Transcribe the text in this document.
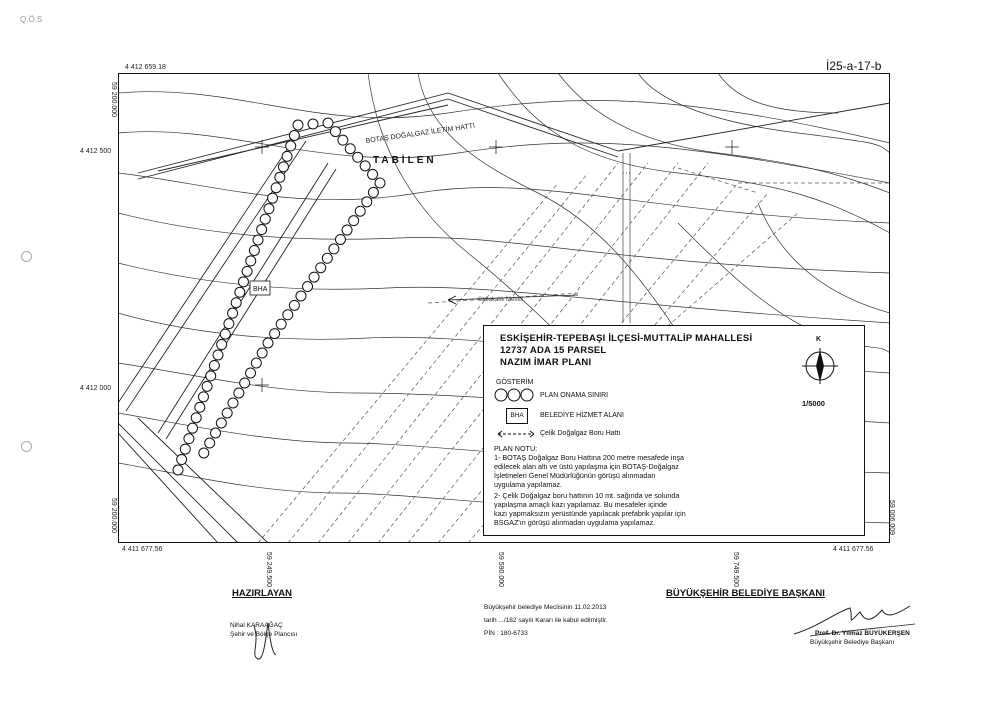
Q.Ö.S
İ25-a-17-b
4 412 659.18
4 412 500
4 412 000
4 411 677.56	4 411 677.56
59 200.000
59 200.000	59 006.009
59 249.500	59 590.000	59 749.500
BOTAŞ DOĞALGAZ İLETİM HATTI
TABİLEN
Sabakalık Mevkii
BHA
ESKİŞEHİR-TEPEBAŞI İLÇESİ-MUTTALİP MAHALLESİ
12737 ADA 15 PARSEL
NAZIM İMAR PLANI
K
1/5000
GÖSTERİM
PLAN ONAMA SINIRI
BHA	BELEDİYE HİZMET ALANI
Çelik Doğalgaz Boru Hattı
PLAN NOTU:
1- BOTAŞ Doğalgaz Boru Hattına 200 metre mesafede inşa
edilecek alan altı ve üstü yapılaşma için BOTAŞ-Doğalgaz
İşletmeleri Genel Müdürlüğünün görüşü alınmadan
uygulama yapılamaz.
2- Çelik Doğalgaz boru hattının 10 mt. sağında ve solunda
yapılaşma amaçlı kazı yapılamaz. Bu mesafeler içinde
kazı yapmaksızın yerüstünde yapılacak prefabrik yapılar için
BSGAZ'ın görüşü alınmadan uygulama yapılamaz.
HAZIRLAYAN
Nihal KARAAĞAÇ
Şehir ve Bölge Plancısı
Büyükşehir belediye Meclisinin 11.02.2013
tarih .../182 sayılı Kararı ile kabul edilmiştir.
PİN : 180-6733
BÜYÜKŞEHİR BELEDİYE BAŞKANI
Prof. Dr. Yılmaz BÜYÜKERŞEN
Büyükşehir Belediye Başkanı
